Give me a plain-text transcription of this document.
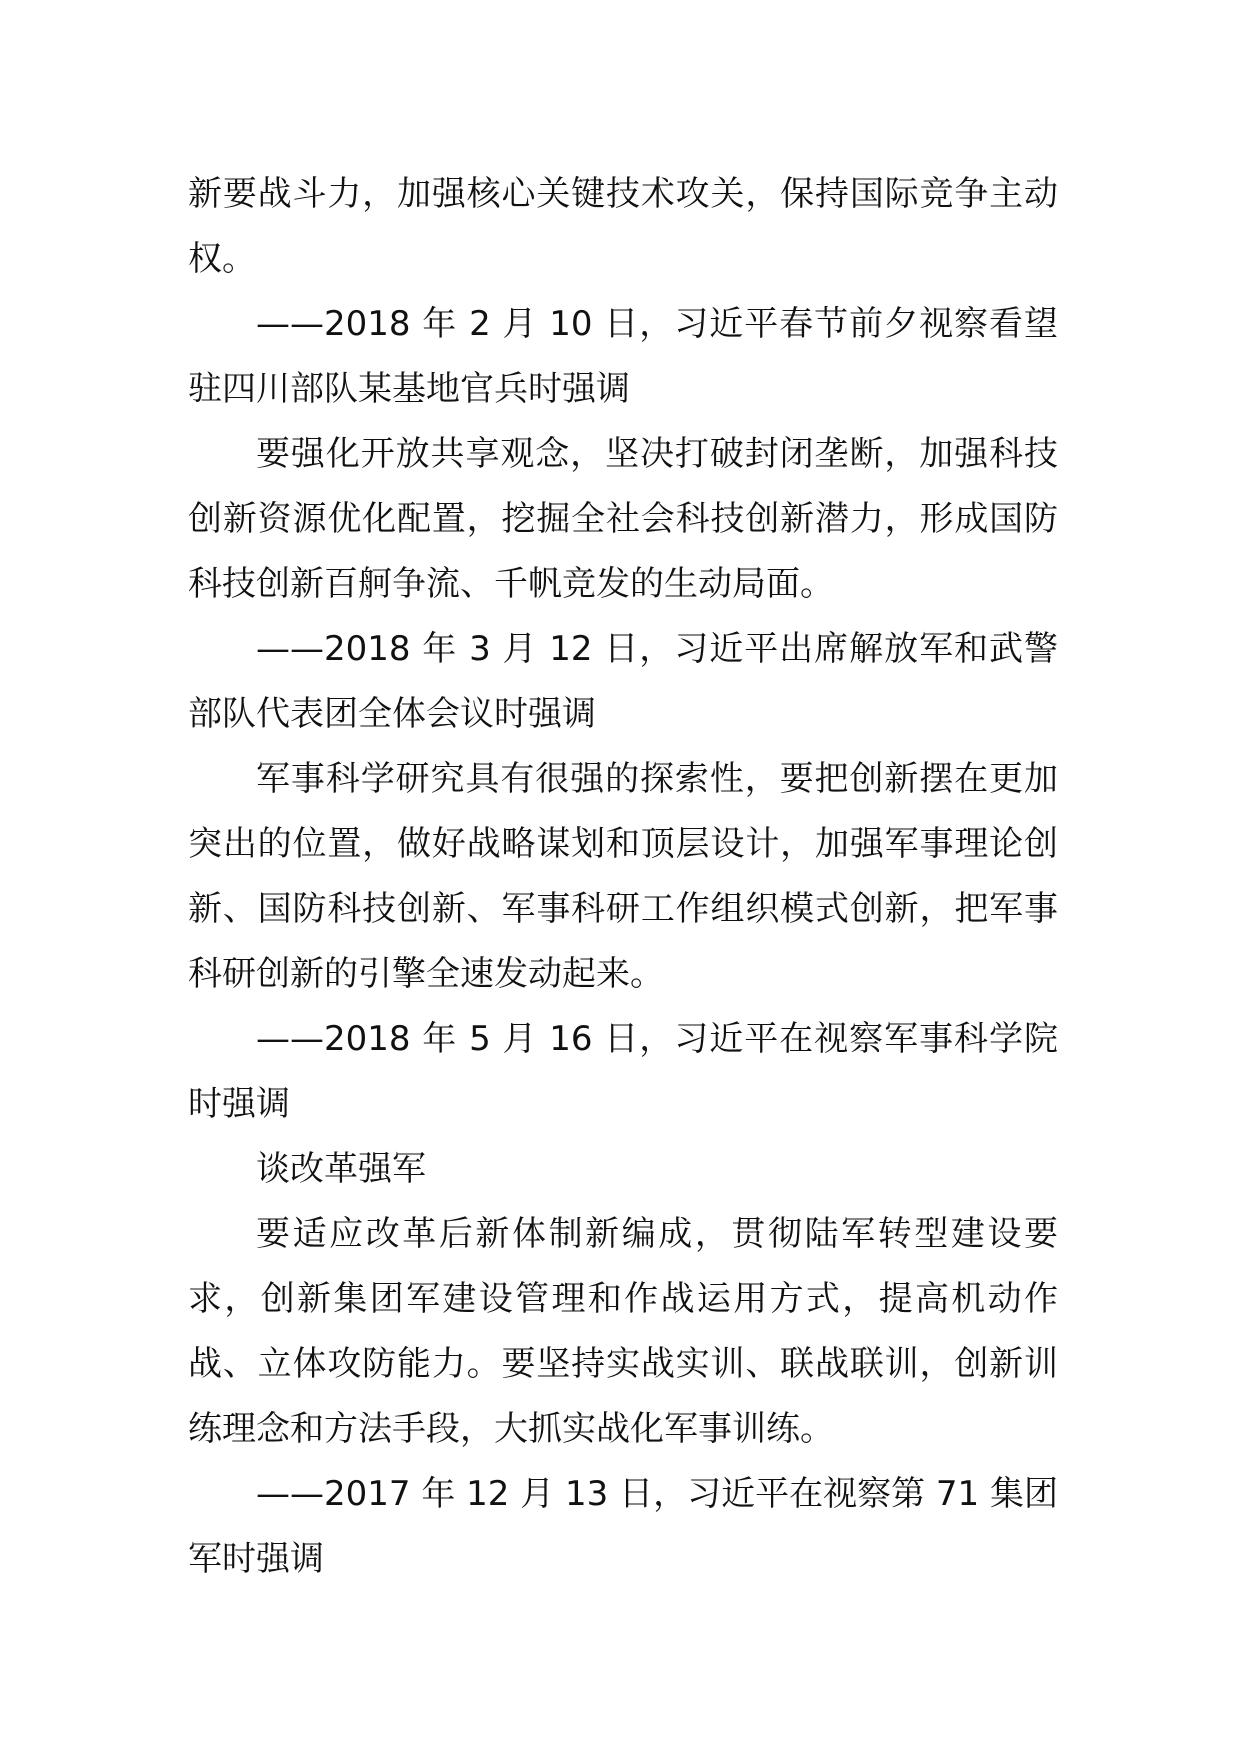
新要战斗力，加强核心关键技术攻关，保持国际竞争主动权。

——2018 年 2 月 10 日，习近平春节前夕视察看望驻四川部队某基地官兵时强调

要强化开放共享观念，坚决打破封闭垄断，加强科技创新资源优化配置，挖掘全社会科技创新潜力，形成国防科技创新百舸争流、千帆竞发的生动局面。

——2018 年 3 月 12 日，习近平出席解放军和武警部队代表团全体会议时强调

军事科学研究具有很强的探索性，要把创新摆在更加突出的位置，做好战略谋划和顶层设计，加强军事理论创新、国防科技创新、军事科研工作组织模式创新，把军事科研创新的引擎全速发动起来。

——2018 年 5 月 16 日，习近平在视察军事科学院时强调

谈改革强军

要适应改革后新体制新编成，贯彻陆军转型建设要求，创新集团军建设管理和作战运用方式，提高机动作战、立体攻防能力。要坚持实战实训、联战联训，创新训练理念和方法手段，大抓实战化军事训练。

——2017 年 12 月 13 日，习近平在视察第 71 集团军时强调
